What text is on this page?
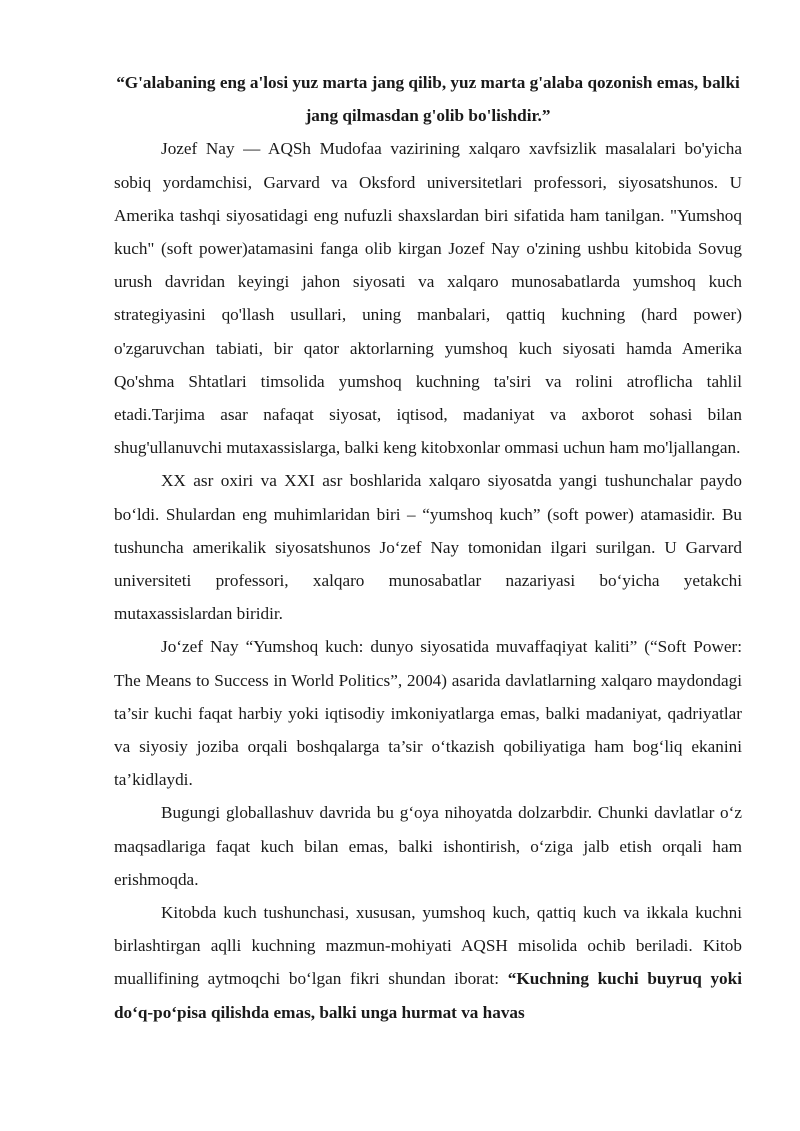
“G'alabaning eng a'losi yuz marta jang qilib, yuz marta g'alaba qozonish emas, balki jang qilmasdan g'olib bo'lishdir.”

Jozef Nay — AQSh Mudofaa vazirining xalqaro xavfsizlik masalalari bo'yicha sobiq yordamchisi, Garvard va Oksford universitetlari professori, siyosatshunos. U Amerika tashqi siyosatidagi eng nufuzli shaxslardan biri sifatida ham tanilgan. "Yumshoq kuch" (soft power)atamasini fanga olib kirgan Jozef Nay o'zining ushbu kitobida Sovug urush davridan keyingi jahon siyosati va xalqaro munosabatlarda yumshoq kuch strategiyasini qo'llash usullari, uning manbalari, qattiq kuchning (hard power) o'zgaruvchan tabiati, bir qator aktorlarning yumshoq kuch siyosati hamda Amerika Qo'shma Shtatlari timsolida yumshoq kuchning ta'siri va rolini atroflicha tahlil etadi.Tarjima asar nafaqat siyosat, iqtisod, madaniyat va axborot sohasi bilan shug'ullanuvchi mutaxassislarga, balki keng kitobxonlar ommasi uchun ham mo'ljallangan.

XX asr oxiri va XXI asr boshlarida xalqaro siyosatda yangi tushunchalar paydo bo‘ldi. Shulardan eng muhimlaridan biri – “yumshoq kuch” (soft power) atamasidir. Bu tushuncha amerikalik siyosatshunos Jo‘zef Nay tomonidan ilgari surilgan. U Garvard universiteti professori, xalqaro munosabatlar nazariyasi bo‘yicha yetakchi mutaxassislardan biridir.

Jo‘zef Nay “Yumshoq kuch: dunyo siyosatida muvaffaqiyat kaliti” (“Soft Power: The Means to Success in World Politics”, 2004) asarida davlatlarning xalqaro maydondagi ta’sir kuchi faqat harbiy yoki iqtisodiy imkoniyatlarga emas, balki madaniyat, qadriyatlar va siyosiy joziba orqali boshqalarga ta’sir o‘tkazish qobiliyatiga ham bog‘liq ekanini ta’kidlaydi.

Bugungi globallashuv davrida bu g‘oya nihoyatda dolzarbdir. Chunki davlatlar o‘z maqsadlariga faqat kuch bilan emas, balki ishontirish, o‘ziga jalb etish orqali ham erishmoqda.

Kitobda kuch tushunchasi, xususan, yumshoq kuch, qattiq kuch va ikkala kuchni birlashtirgan aqlli kuchning mazmun-mohiyati AQSH misolida ochib beriladi. Kitob muallifining aytmoqchi bo‘lgan fikri shundan iborat: “Kuchning kuchi buyruq yoki do‘q-po‘pisa qilishda emas, balki unga hurmat va havas
